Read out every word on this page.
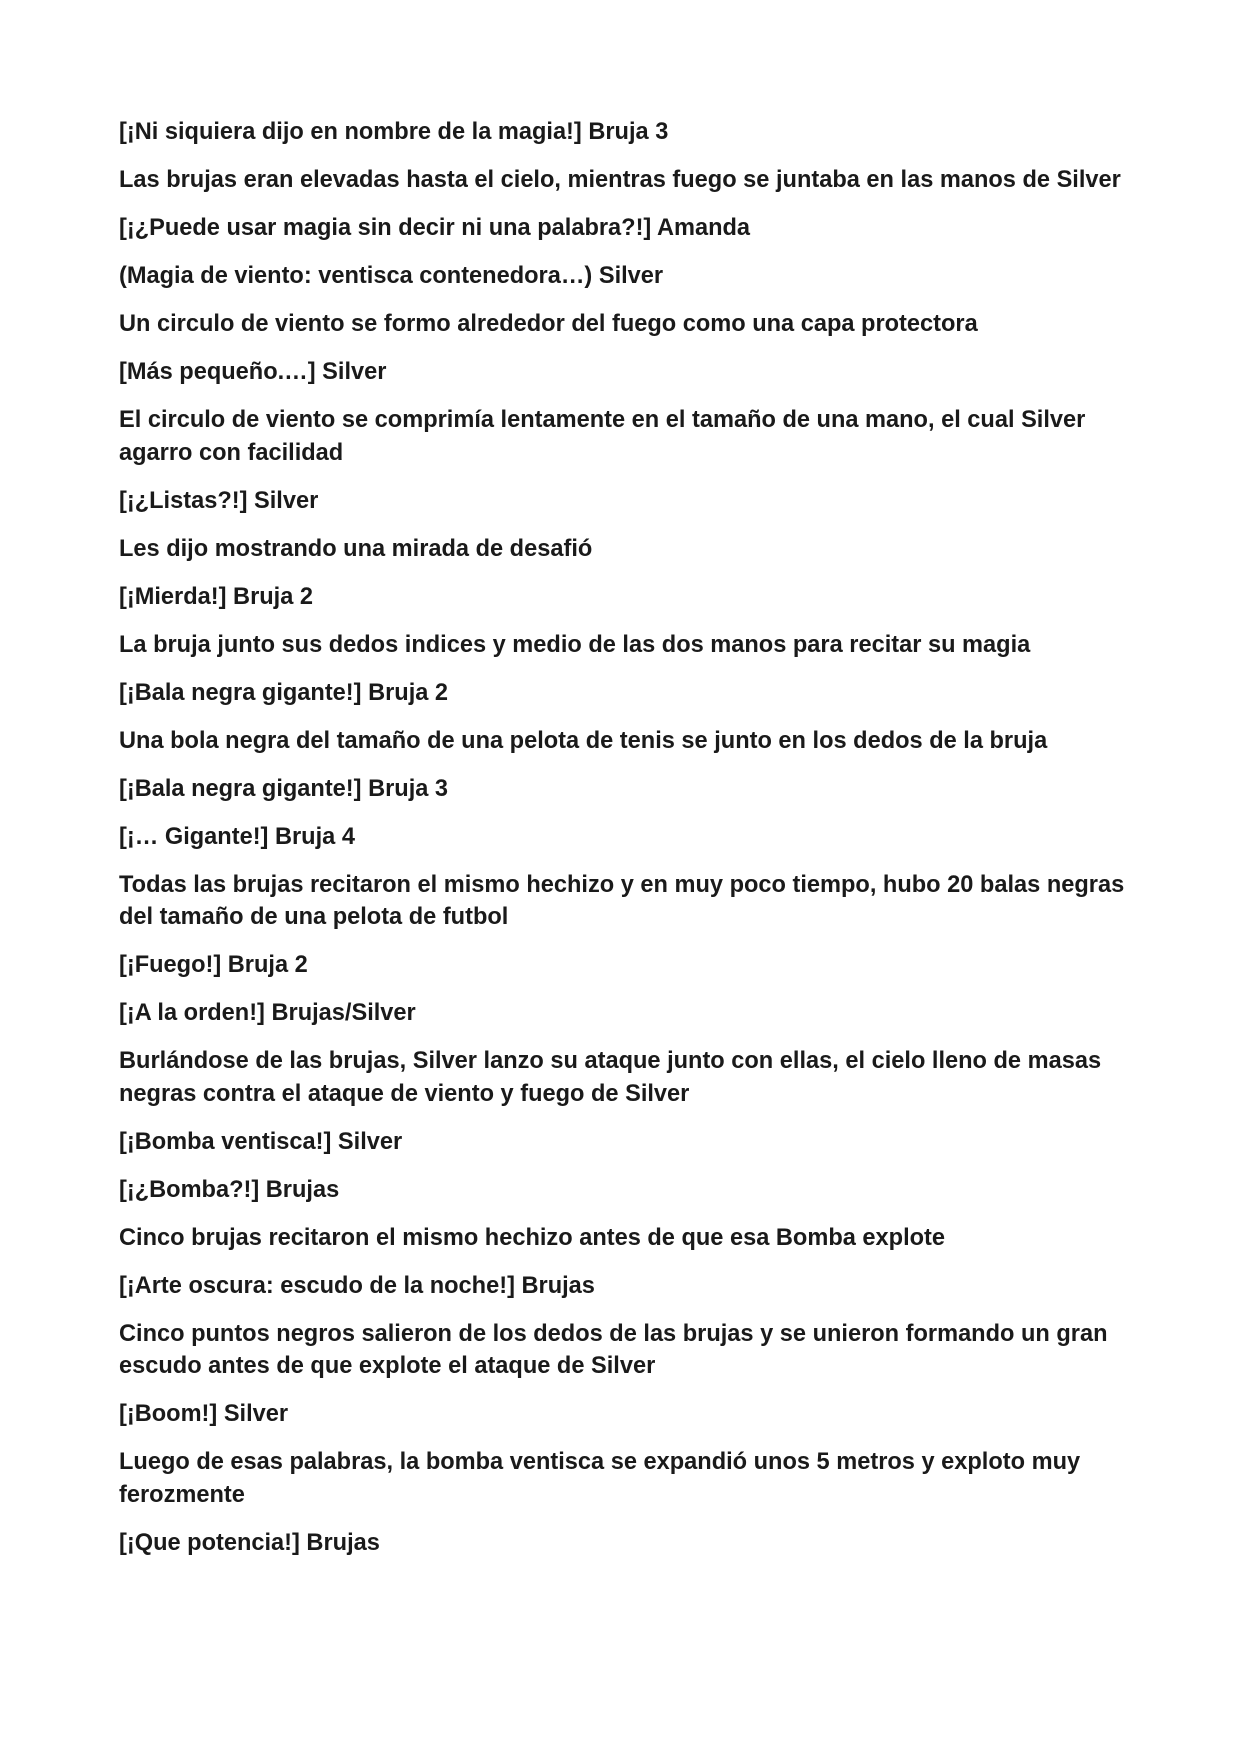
[¡Ni siquiera dijo en nombre de la magia!] Bruja 3

Las brujas eran elevadas hasta el cielo, mientras fuego se juntaba en las manos de Silver

[¡¿Puede usar magia sin decir ni una palabra?!] Amanda

(Magia de viento: ventisca contenedora…) Silver

Un circulo de viento se formo alrededor del fuego como una capa protectora

[Más pequeño.…] Silver

El circulo de viento se comprimía lentamente en el tamaño de una mano, el cual Silver agarro con facilidad

[¡¿Listas?!] Silver

Les dijo mostrando una mirada de desafió

[¡Mierda!] Bruja 2

La bruja junto sus dedos indices y medio de las dos manos para recitar su magia

[¡Bala negra gigante!] Bruja 2

Una bola negra del tamaño de una pelota de tenis se junto en los dedos de la bruja

[¡Bala negra gigante!] Bruja 3

[¡… Gigante!] Bruja 4

Todas las brujas recitaron el mismo hechizo y en muy poco tiempo, hubo 20 balas negras del tamaño de una pelota de futbol

[¡Fuego!] Bruja 2

[¡A la orden!] Brujas/Silver

Burlándose de las brujas, Silver lanzo su ataque junto con ellas, el cielo lleno de masas negras contra el ataque de viento y fuego de Silver

[¡Bomba ventisca!] Silver

[¡¿Bomba?!] Brujas

Cinco brujas recitaron el mismo hechizo antes de que esa Bomba explote

[¡Arte oscura: escudo de la noche!] Brujas

Cinco puntos negros salieron de los dedos de las brujas y se unieron formando un gran escudo antes de que explote el ataque de Silver

[¡Boom!] Silver

Luego de esas palabras, la bomba ventisca se expandió unos 5 metros y exploto muy ferozmente

[¡Que potencia!] Brujas
